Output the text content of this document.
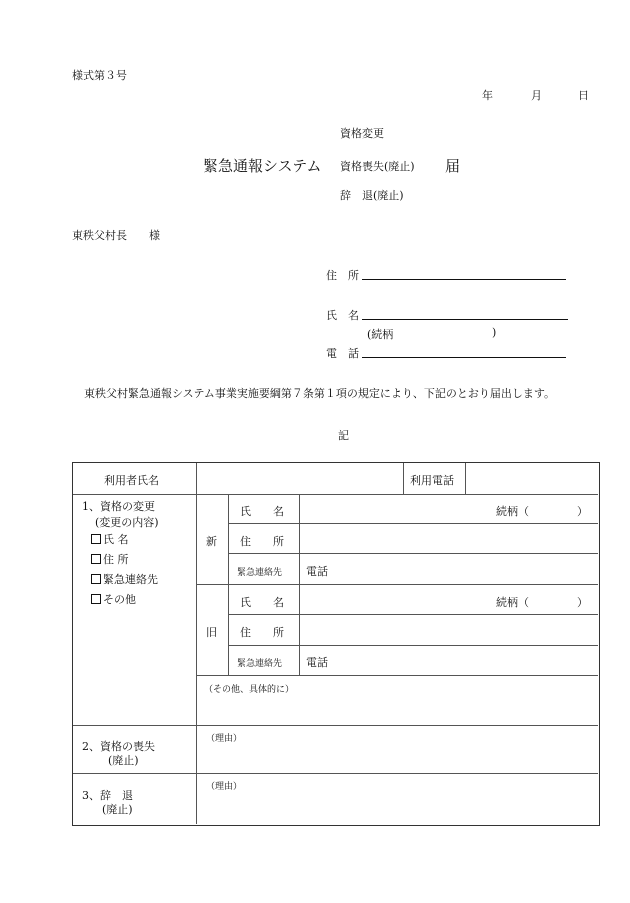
様式第３号
年	月	日
資格変更
緊急通報システム 資格喪失(廃止) 届
辞　退(廃止)
東秩父村長　　様
住　所
氏　名
(続柄	)
電　話
東秩父村緊急通報システム事業実施要綱第７条第１項の規定により、下記のとおり届出します。
記
利用者氏名	利用電話
1、資格の変更
(変更の内容)
氏 名
住 所
緊急連絡先
その他
新
氏　　名	続柄（	）
住　　所
緊急連絡先 電話
旧
氏　　名	続柄（	）
住　　所
緊急連絡先 電話
（その他、具体的に）
2、資格の喪失
(廃止)
（理由）
3、辞　退
(廃止)
（理由）
